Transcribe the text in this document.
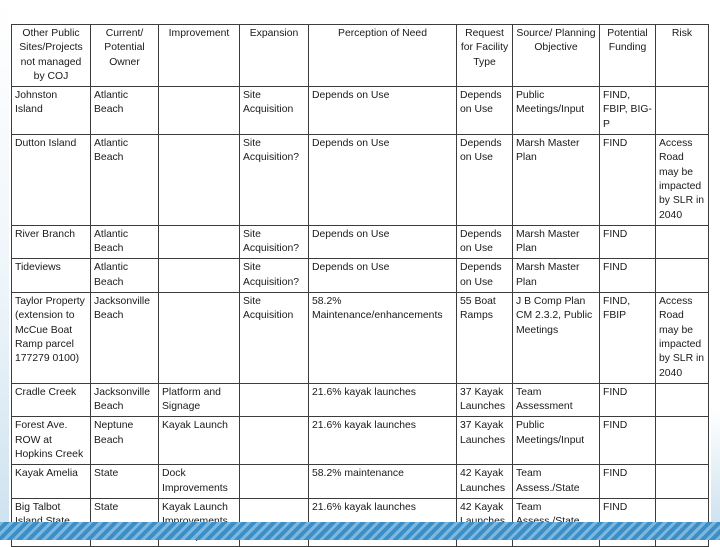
Other Public Sites/Projects not managed by COJ	Current/ Potential Owner	Improvement	Expansion	Perception of Need	Request for Facility Type	Source/ Planning Objective	Potential Funding	Risk
Johnston Island	Atlantic Beach		Site Acquisition	Depends on Use	Depends on Use	Public Meetings/Input	FIND, FBIP, BIG-P	
Dutton Island	Atlantic Beach		Site Acquisition?	Depends on Use	Depends on Use	Marsh Master Plan	FIND	Access Road may be impacted by SLR in 2040
River Branch	Atlantic Beach		Site Acquisition?	Depends on Use	Depends on Use	Marsh Master Plan	FIND	
Tideviews	Atlantic Beach		Site Acquisition?	Depends on Use	Depends on Use	Marsh Master Plan	FIND	
Taylor Property (extension to McCue Boat Ramp parcel 177279 0100)	Jacksonville Beach		Site Acquisition	58.2% Maintenance/enhancements	55 Boat Ramps	J B Comp Plan CM 2.3.2, Public Meetings	FIND, FBIP	Access Road may be impacted by SLR in 2040
Cradle Creek	Jacksonville Beach	Platform and Signage		21.6% kayak launches	37 Kayak Launches	Team Assessment	FIND	
Forest Ave. ROW at Hopkins Creek	Neptune Beach	Kayak Launch		21.6% kayak launches	37 Kayak Launches	Public Meetings/Input	FIND	
Kayak Amelia	State	Dock Improvements		58.2% maintenance	42 Kayak Launches	Team Assess./State	FIND	
Big Talbot	State	Kayak Launch		21.6% kayak launches	42 Kayak	Team	FIND	
